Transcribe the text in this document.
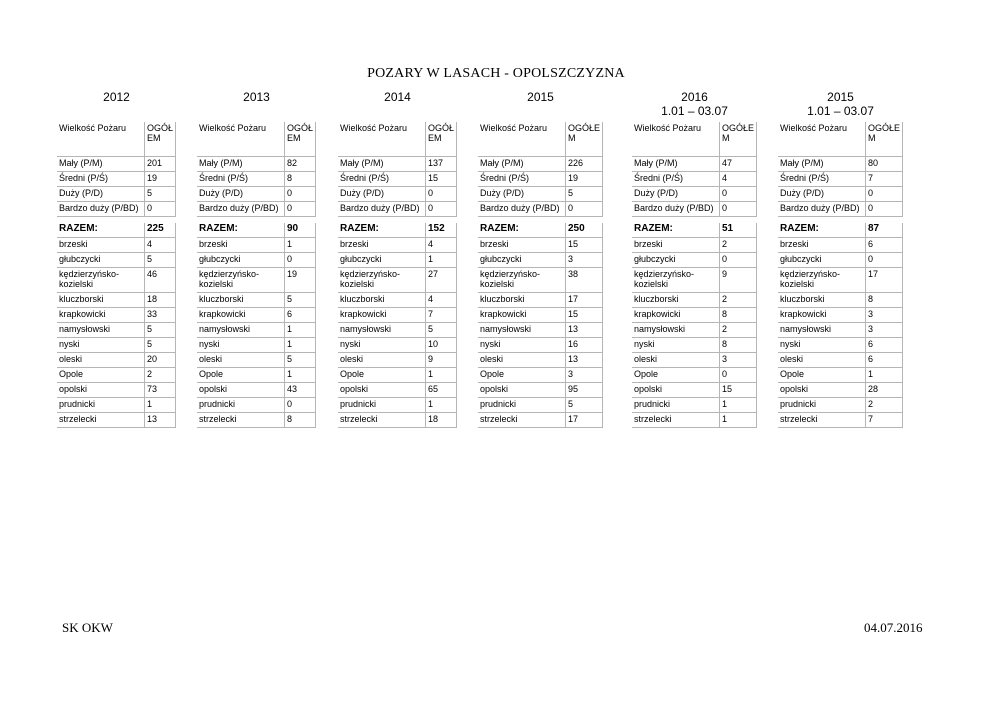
POZARY W LASACH - OPOLSZCZYZNA
2012
Wielkość Pożaru	OGÓŁ EM
Mały (P/M)	201
Średni (P/Ś)	19
Duży (P/D)	5
Bardzo duży (P/BD)	0

RAZEM:	225
brzeski	4
głubczycki	5
kędzierzyńsko-kozielski	46
kluczborski	18
krapkowicki	33
namysłowski	5
nyski	5
oleski	20
Opole	2
opolski	73
prudnicki	1
strzelecki	13
2013
Wielkość Pożaru	OGÓŁ EM
Mały (P/M)	82
Średni (P/Ś)	8
Duży (P/D)	0
Bardzo duży (P/BD)	0

RAZEM:	90
brzeski	1
głubczycki	0
kędzierzyńsko-kozielski	19
kluczborski	5
krapkowicki	6
namysłowski	1
nyski	1
oleski	5
Opole	1
opolski	43
prudnicki	0
strzelecki	8
2014
Wielkość Pożaru	OGÓŁ EM
Mały (P/M)	137
Średni (P/Ś)	15
Duży (P/D)	0
Bardzo duży (P/BD)	0

RAZEM:	152
brzeski	4
głubczycki	1
kędzierzyńsko-kozielski	27
kluczborski	4
krapkowicki	7
namysłowski	5
nyski	10
oleski	9
Opole	1
opolski	65
prudnicki	1
strzelecki	18
2015
Wielkość Pożaru	OGÓŁE M
Mały (P/M)	226
Średni (P/Ś)	19
Duży (P/D)	5
Bardzo duży (P/BD)	0

RAZEM:	250
brzeski	15
głubczycki	3
kędzierzyńsko-kozielski	38
kluczborski	17
krapkowicki	15
namysłowski	13
nyski	16
oleski	13
Opole	3
opolski	95
prudnicki	5
strzelecki	17
2016
1.01 – 03.07
Wielkość Pożaru	OGÓŁE M
Mały (P/M)	47
Średni (P/Ś)	4
Duży (P/D)	0
Bardzo duży (P/BD)	0

RAZEM:	51
brzeski	2
głubczycki	0
kędzierzyńsko-kozielski	9
kluczborski	2
krapkowicki	8
namysłowski	2
nyski	8
oleski	3
Opole	0
opolski	15
prudnicki	1
strzelecki	1
2015
1.01 – 03.07
Wielkość Pożaru	OGÓŁE M
Mały (P/M)	80
Średni (P/Ś)	7
Duży (P/D)	0
Bardzo duży (P/BD)	0

RAZEM:	87
brzeski	6
głubczycki	0
kędzierzyńsko-kozielski	17
kluczborski	8
krapkowicki	3
namysłowski	3
nyski	6
oleski	6
Opole	1
opolski	28
prudnicki	2
strzelecki	7
SK OKW	04.07.2016
